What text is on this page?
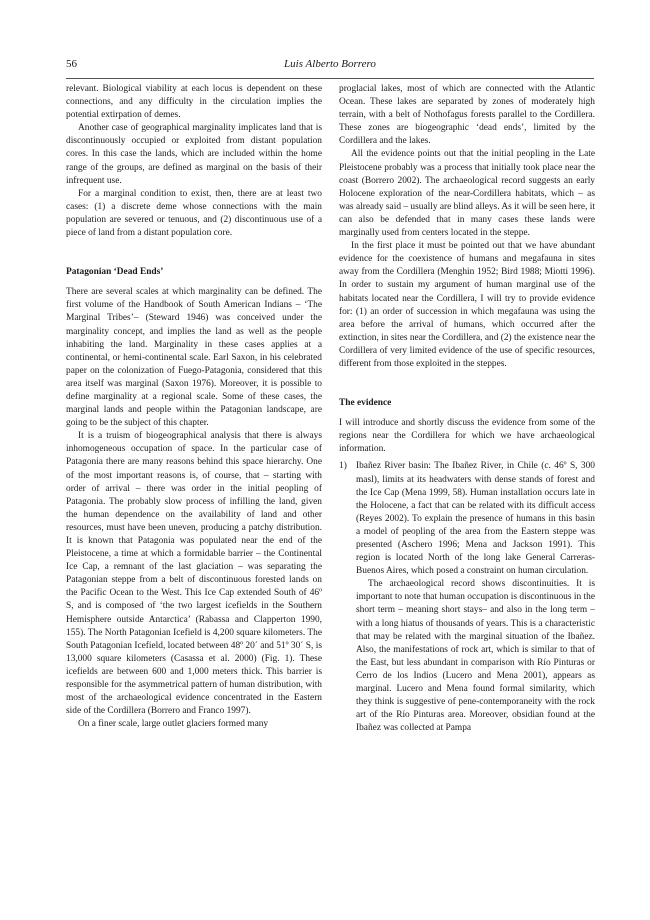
56	Luis Alberto Borrero

relevant. Biological viability at each locus is dependent on these connections, and any difficulty in the circulation implies the potential extirpation of demes.

Another case of geographical marginality implicates land that is discontinuously occupied or exploited from distant population cores. In this case the lands, which are included within the home range of the groups, are defined as marginal on the basis of their infrequent use.

For a marginal condition to exist, then, there are at least two cases: (1) a discrete deme whose connections with the main population are severed or tenuous, and (2) discontinuous use of a piece of land from a distant population core.

Patagonian ‘Dead Ends’

There are several scales at which marginality can be defined. The first volume of the Handbook of South American Indians – ‘The Marginal Tribes’– (Steward 1946) was conceived under the marginality concept, and implies the land as well as the people inhabiting the land. Marginality in these cases applies at a continental, or hemi-continental scale. Earl Saxon, in his celebrated paper on the colonization of Fuego-Patagonia, considered that this area itself was marginal (Saxon 1976). Moreover, it is possible to define marginality at a regional scale. Some of these cases, the marginal lands and people within the Patagonian landscape, are going to be the subject of this chapter.

It is a truism of biogeographical analysis that there is always inhomogeneous occupation of space. In the particular case of Patagonia there are many reasons behind this space hierarchy. One of the most important reasons is, of course, that – starting with order of arrival – there was order in the initial peopling of Patagonia. The probably slow process of infilling the land, given the human dependence on the availability of land and other resources, must have been uneven, producing a patchy distribution. It is known that Patagonia was populated near the end of the Pleistocene, a time at which a formidable barrier – the Continental Ice Cap, a remnant of the last glaciation – was separating the Patagonian steppe from a belt of discontinuous forested lands on the Pacific Ocean to the West. This Ice Cap extended South of 46º S, and is composed of ‘the two largest icefields in the Southern Hemisphere outside Antarctica’ (Rabassa and Clapperton 1990, 155). The North Patagonian Icefield is 4,200 square kilometers. The South Patagonian Icefield, located between 48º 20´ and 51º 30´ S, is 13,000 square kilometers (Casassa et al. 2000) (Fig. 1). These icefields are between 600 and 1,000 meters thick. This barrier is responsible for the asymmetrical pattern of human distribution, with most of the archaeological evidence concentrated in the Eastern side of the Cordillera (Borrero and Franco 1997).

On a finer scale, large outlet glaciers formed many

proglacial lakes, most of which are connected with the Atlantic Ocean. These lakes are separated by zones of moderately high terrain, with a belt of Nothofagus forests parallel to the Cordillera. These zones are biogeographic ‘dead ends’, limited by the Cordillera and the lakes.

All the evidence points out that the initial peopling in the Late Pleistocene probably was a process that initially took place near the coast (Borrero 2002). The archaeological record suggests an early Holocene exploration of the near-Cordillera habitats, which – as was already said – usually are blind alleys. As it will be seen here, it can also be defended that in many cases these lands were marginally used from centers located in the steppe.

In the first place it must be pointed out that we have abundant evidence for the coexistence of humans and megafauna in sites away from the Cordillera (Menghin 1952; Bird 1988; Miotti 1996). In order to sustain my argument of human marginal use of the habitats located near the Cordillera, I will try to provide evidence for: (1) an order of succession in which megafauna was using the area before the arrival of humans, which occurred after the extinction, in sites near the Cordillera, and (2) the existence near the Cordillera of very limited evidence of the use of specific resources, different from those exploited in the steppes.

The evidence

I will introduce and shortly discuss the evidence from some of the regions near the Cordillera for which we have archaeological information.

1) Ibañez River basin: The Ibañez River, in Chile (c. 46º S, 300 masl), limits at its headwaters with dense stands of forest and the Ice Cap (Mena 1999, 58). Human installation occurs late in the Holocene, a fact that can be related with its difficult access (Reyes 2002). To explain the presence of humans in this basin a model of peopling of the area from the Eastern steppe was presented (Aschero 1996; Mena and Jackson 1991). This region is located North of the long lake General Carreras-Buenos Aires, which posed a constraint on human circulation.

The archaeological record shows discontinuities. It is important to note that human occupation is discontinuous in the short term – meaning short stays– and also in the long term – with a long hiatus of thousands of years. This is a characteristic that may be related with the marginal situation of the Ibañez. Also, the manifestations of rock art, which is similar to that of the East, but less abundant in comparison with Río Pinturas or Cerro de los Indios (Lucero and Mena 2001), appears as marginal. Lucero and Mena found formal similarity, which they think is suggestive of pene-contemporaneity with the rock art of the Río Pinturas area. Moreover, obsidian found at the Ibañez was collected at Pampa
